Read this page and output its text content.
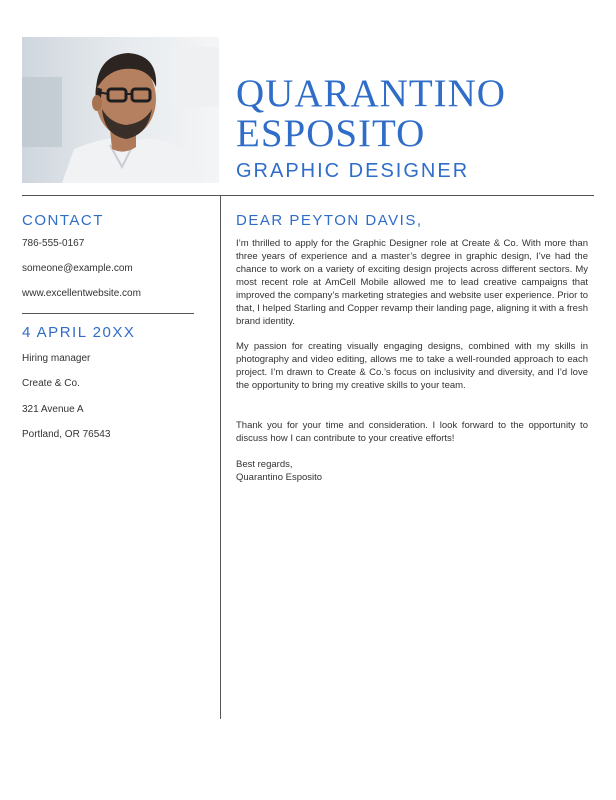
QUARANTINO
ESPOSITO
GRAPHIC DESIGNER
CONTACT
786-555-0167
someone@example.com
www.excellentwebsite.com
4 APRIL 20XX
Hiring manager
Create & Co.
321 Avenue A
Portland, OR 76543
DEAR PEYTON DAVIS,

I’m thrilled to apply for the Graphic Designer role at Create & Co. With more than three years of experience and a master’s degree in graphic design, I’ve had the chance to work on a variety of exciting design projects across different sectors. My most recent role at AmCell Mobile allowed me to lead creative campaigns that improved the company’s marketing strategies and website user experience. Prior to that, I helped Starling and Copper revamp their landing page, aligning it with a fresh brand identity.

My passion for creating visually engaging designs, combined with my skills in photography and video editing, allows me to take a well-rounded approach to each project. I’m drawn to Create & Co.’s focus on inclusivity and diversity, and I’d love the opportunity to bring my creative skills to your team.

Thank you for your time and consideration. I look forward to the opportunity to discuss how I can contribute to your creative efforts!

Best regards,
Quarantino Esposito
